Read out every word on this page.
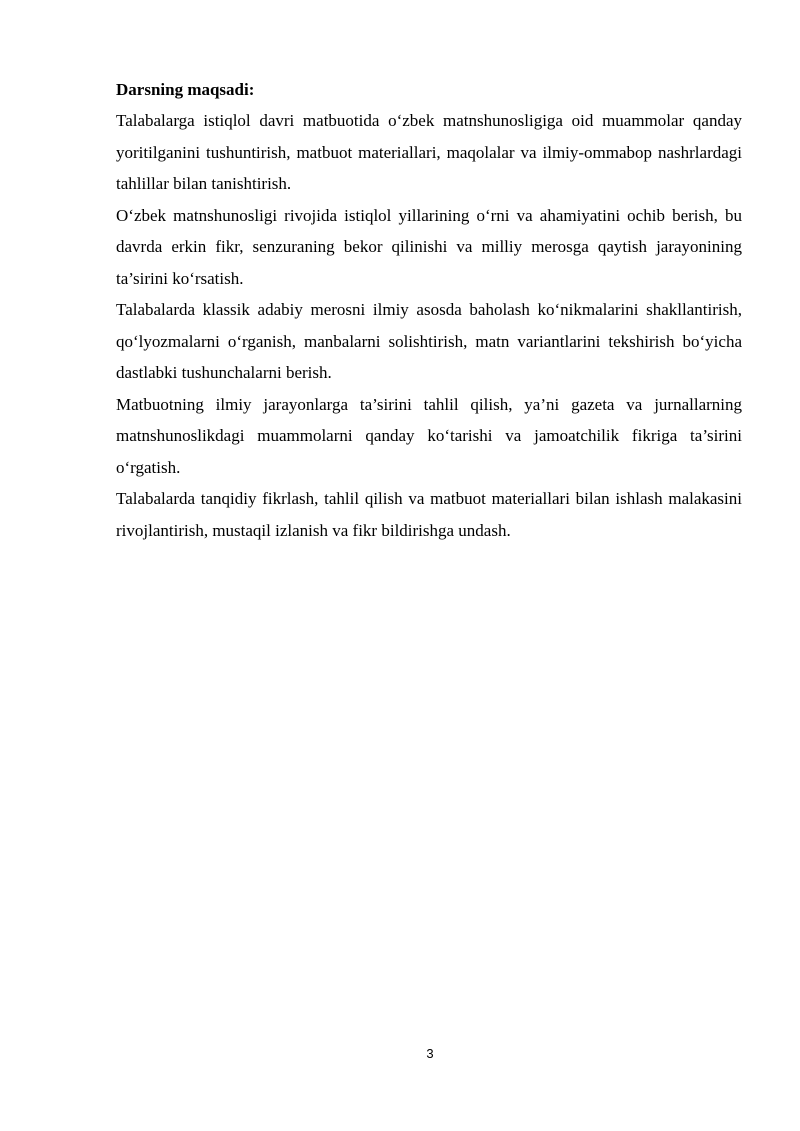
Darsning maqsadi:

Talabalarga istiqlol davri matbuotida o‘zbek matnshunosligiga oid muammolar qanday yoritilganini tushuntirish, matbuot materiallari, maqolalar va ilmiy-ommabop nashrlardagi tahlillar bilan tanishtirish.

O‘zbek matnshunosligi rivojida istiqlol yillarining o‘rni va ahamiyatini ochib berish, bu davrda erkin fikr, senzuraning bekor qilinishi va milliy merosga qaytish jarayonining ta’sirini ko‘rsatish.

Talabalarda klassik adabiy merosni ilmiy asosda baholash ko‘nikmalarini shakllantirish, qo‘lyozmalarni o‘rganish, manbalarni solishtirish, matn variantlarini tekshirish bo‘yicha dastlabki tushunchalarni berish.

Matbuotning ilmiy jarayonlarga ta’sirini tahlil qilish, ya’ni gazeta va jurnallarning matnshunoslikdagi muammolarni qanday ko‘tarishi va jamoatchilik fikriga ta’sirini o‘rgatish.

Talabalarda tanqidiy fikrlash, tahlil qilish va matbuot materiallari bilan ishlash malakasini rivojlantirish, mustaqil izlanish va fikr bildirishga undash.

3
